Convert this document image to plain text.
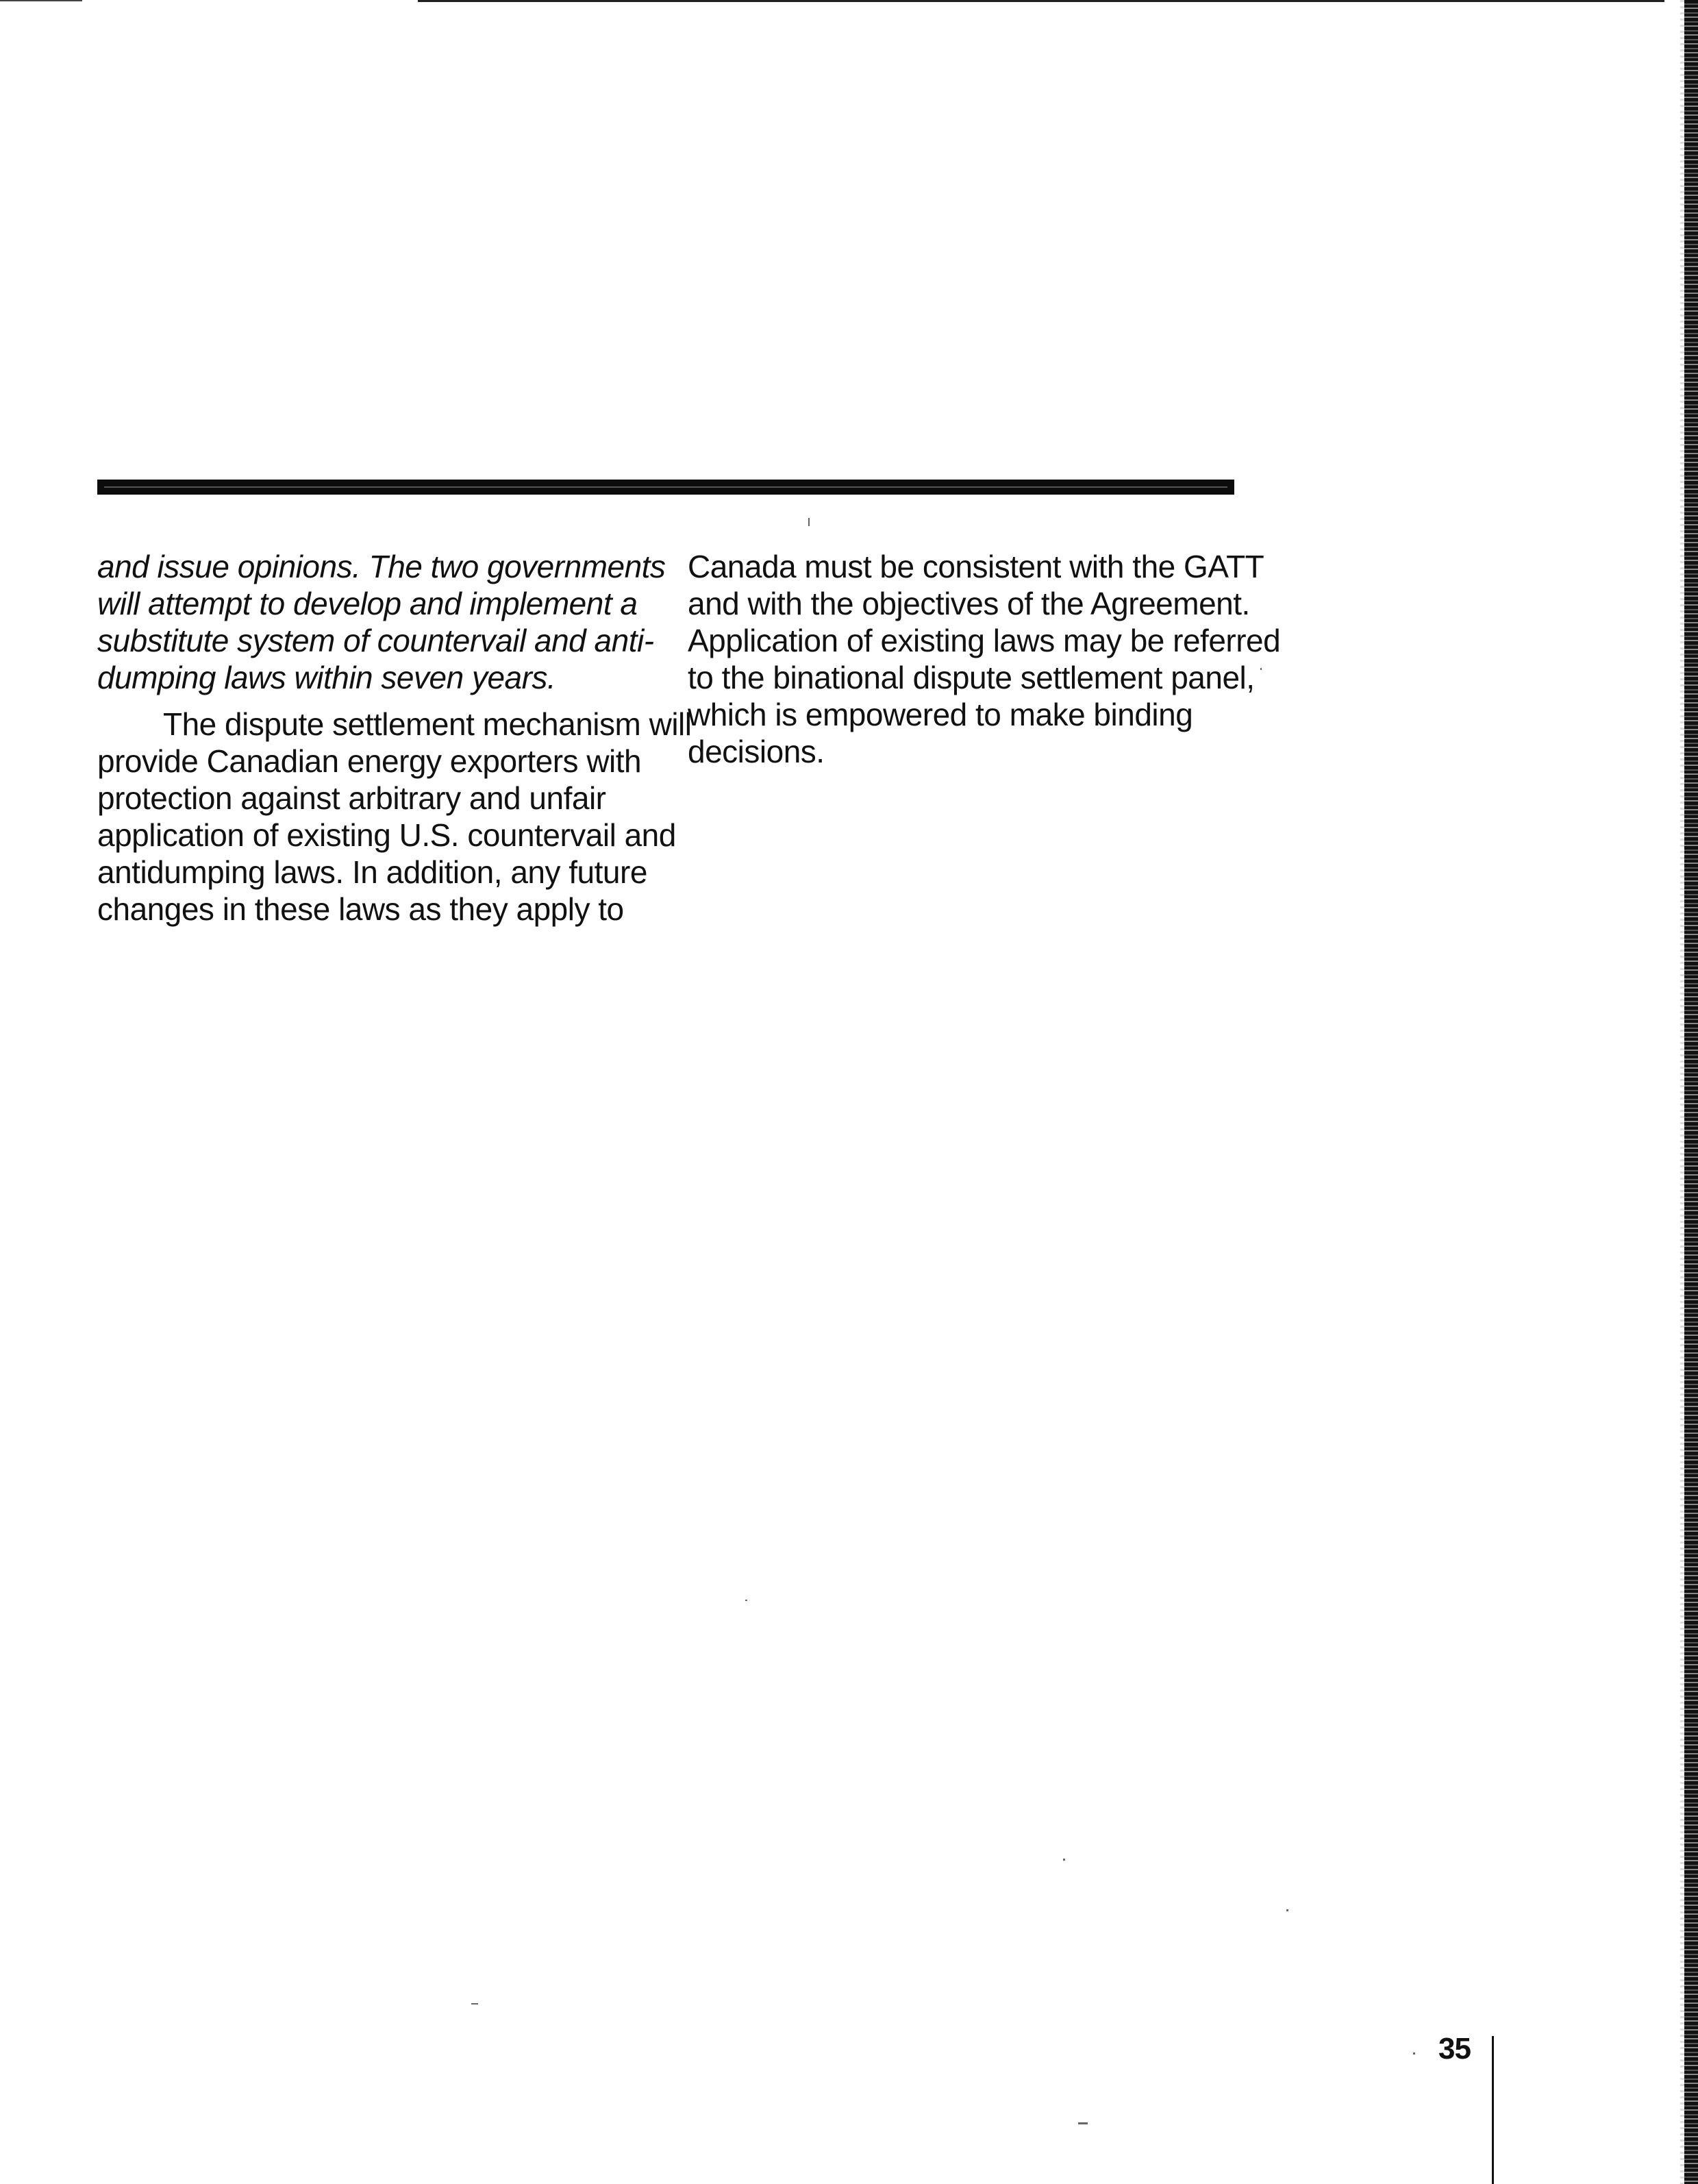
and issue opinions. The two governments
will attempt to develop and implement a
substitute system of countervail and anti-
dumping laws within seven years.

The dispute settlement mechanism will
provide Canadian energy exporters with
protection against arbitrary and unfair
application of existing U.S. countervail and
antidumping laws. In addition, any future
changes in these laws as they apply to

Canada must be consistent with the GATT
and with the objectives of the Agreement.
Application of existing laws may be referred
to the binational dispute settlement panel,
which is empowered to make binding
decisions.

35
